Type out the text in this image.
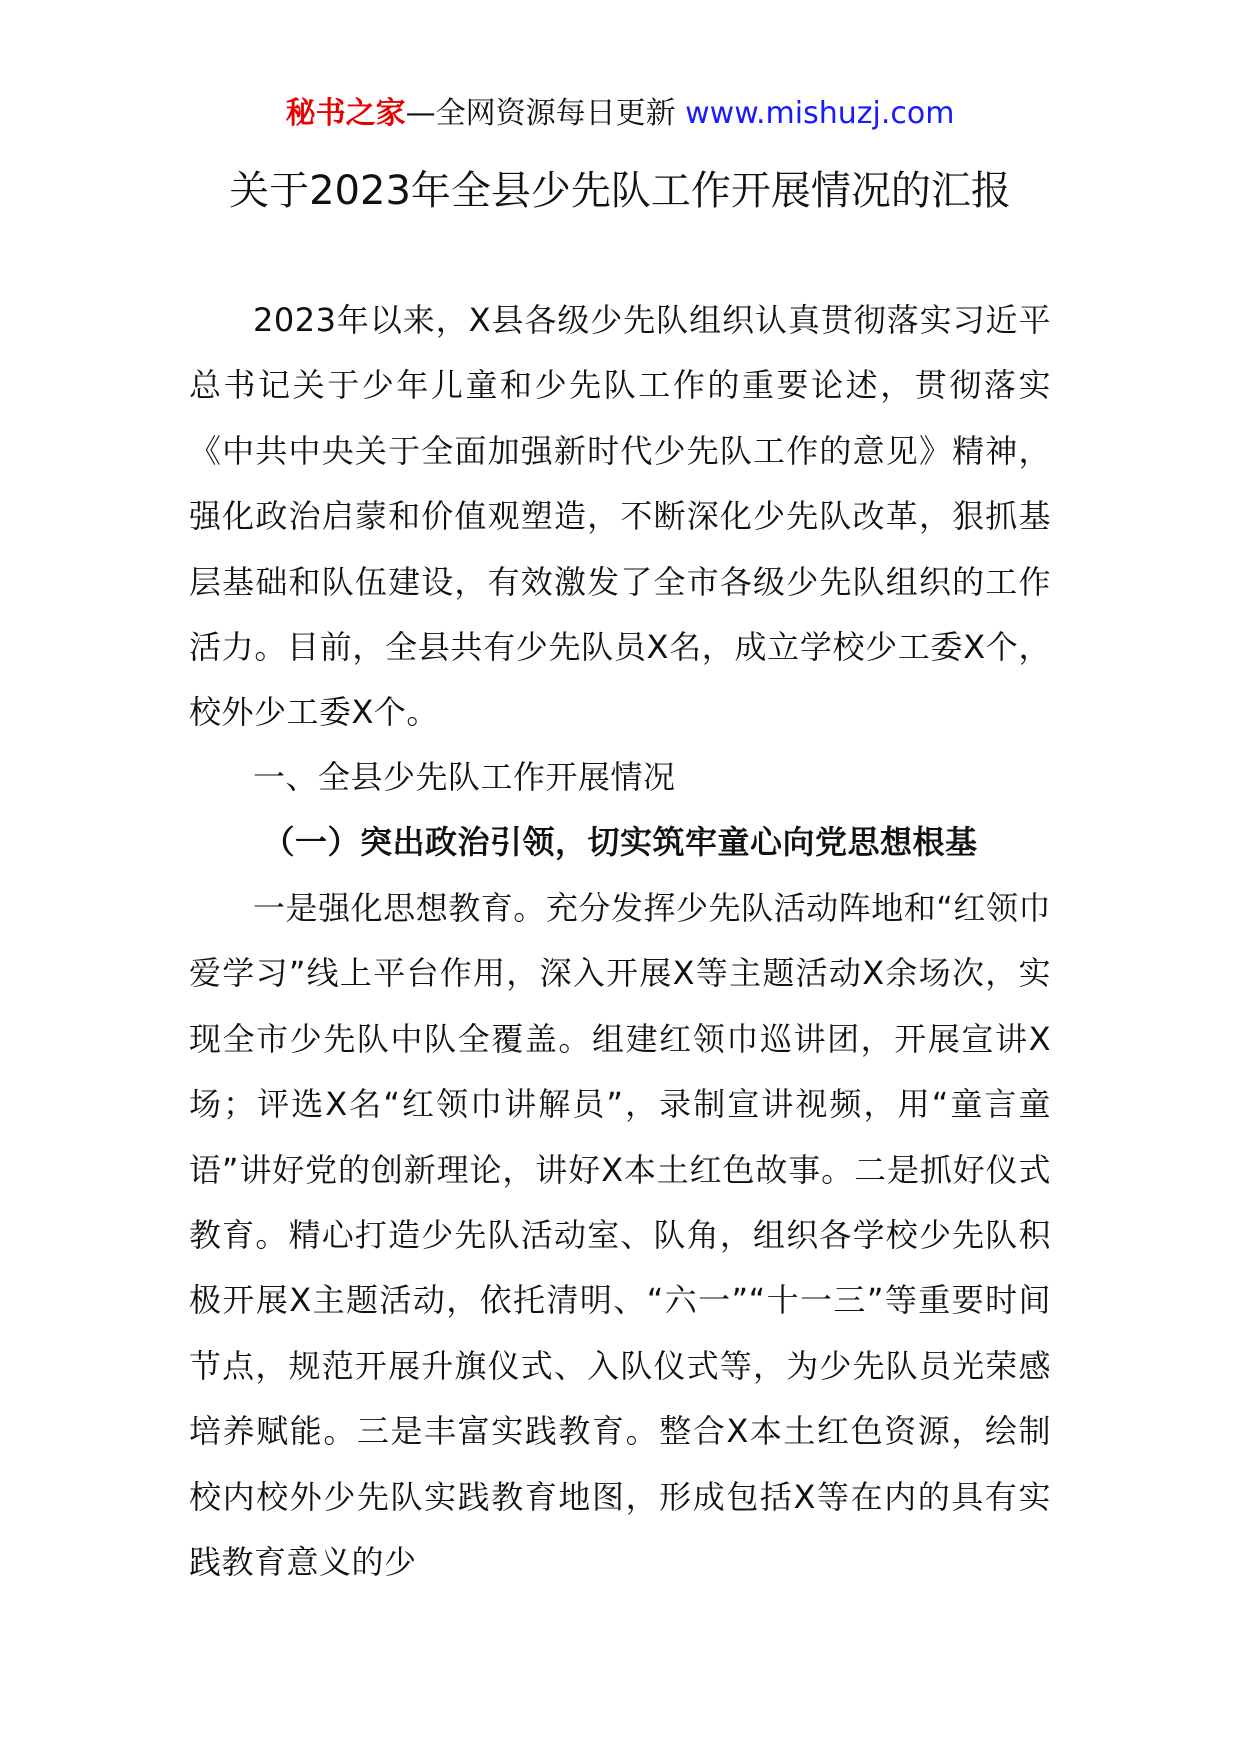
秘书之家—全网资源每日更新 www.mishuzj.com
关于2023年全县少先队工作开展情况的汇报

2023年以来，X县各级少先队组织认真贯彻落实习近平总书记关于少年儿童和少先队工作的重要论述，贯彻落实《中共中央关于全面加强新时代少先队工作的意见》精神，强化政治启蒙和价值观塑造，不断深化少先队改革，狠抓基层基础和队伍建设，有效激发了全市各级少先队组织的工作活力。目前，全县共有少先队员X名，成立学校少工委X个，校外少工委X个。

一、全县少先队工作开展情况

（一）突出政治引领，切实筑牢童心向党思想根基

一是强化思想教育。充分发挥少先队活动阵地和“红领巾爱学习”线上平台作用，深入开展X等主题活动X余场次，实现全市少先队中队全覆盖。组建红领巾巡讲团，开展宣讲X场；评选X名“红领巾讲解员”，录制宣讲视频，用“童言童语”讲好党的创新理论，讲好X本土红色故事。二是抓好仪式教育。精心打造少先队活动室、队角，组织各学校少先队积极开展X主题活动，依托清明、“六一”“十一三”等重要时间节点，规范开展升旗仪式、入队仪式等，为少先队员光荣感培养赋能。三是丰富实践教育。整合X本土红色资源，绘制校内校外少先队实践教育地图，形成包括X等在内的具有实践教育意义的少
